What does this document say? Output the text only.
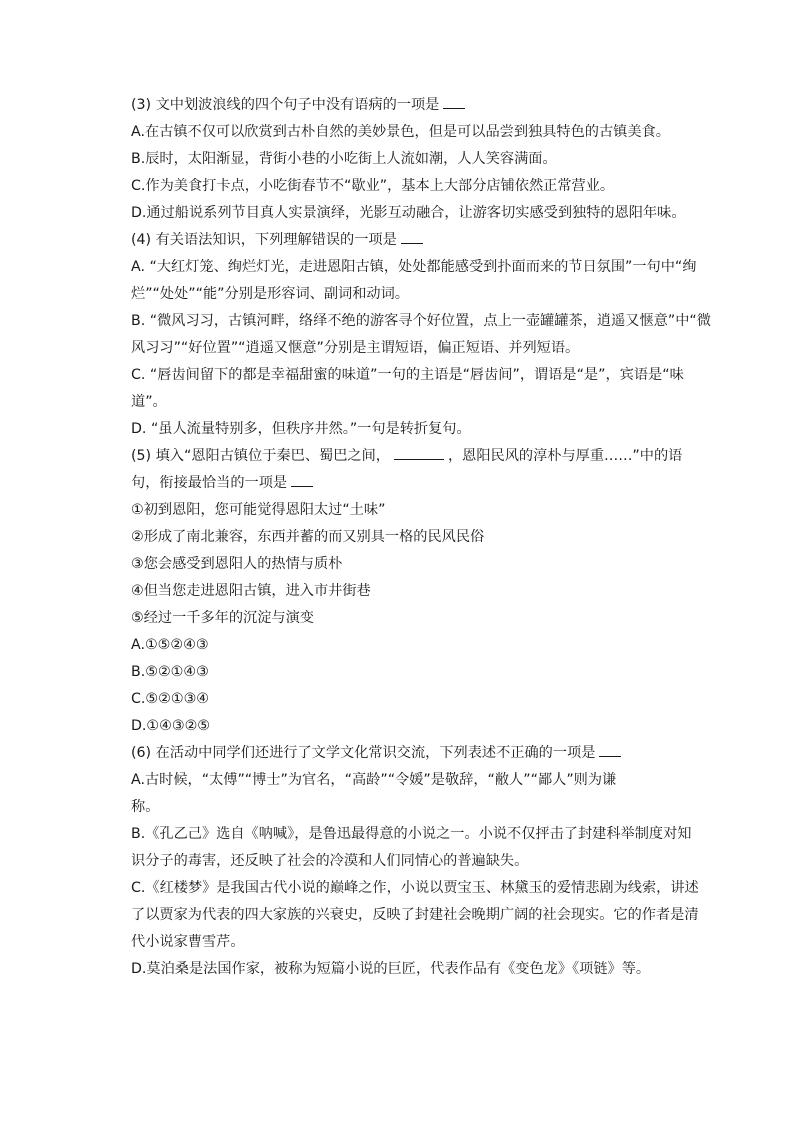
(3) 文中划波浪线的四个句子中没有语病的一项是
A.在古镇不仅可以欣赏到古朴自然的美妙景色，但是可以品尝到独具特色的古镇美食。
B.辰时，太阳渐显，背街小巷的小吃街上人流如潮，人人笑容满面。
C.作为美食打卡点，小吃街春节不“歇业”，基本上大部分店铺依然正常营业。
D.通过船说系列节目真人实景演绎，光影互动融合，让游客切实感受到独特的恩阳年味。
(4) 有关语法知识，下列理解错误的一项是
A. “大红灯笼、绚烂灯光，走进恩阳古镇，处处都能感受到扑面而来的节日氛围”一句中“绚
烂”“处处”“能”分别是形容词、副词和动词。
B. “微风习习，古镇河畔，络绎不绝的游客寻个好位置，点上一壶罐罐茶，逍遥又惬意”中“微
风习习”“好位置”“逍遥又惬意”分别是主谓短语，偏正短语、并列短语。
C. “唇齿间留下的都是幸福甜蜜的味道”一句的主语是“唇齿间”，谓语是“是”，宾语是“味
道”。
D. “虽人流量特别多，但秩序井然。”一句是转折复句。
(5) 填入“恩阳古镇位于秦巴、蜀巴之间，	，恩阳民风的淳朴与厚重……”中的语
句，衔接最恰当的一项是
①初到恩阳，您可能觉得恩阳太过“土味”
②形成了南北兼容，东西并蓄的而又别具一格的民风民俗
③您会感受到恩阳人的热情与质朴
④但当您走进恩阳古镇，进入市井街巷
⑤经过一千多年的沉淀与演变
A.①⑤②④③
B.⑤②①④③
C.⑤②①③④
D.①④③②⑤
(6) 在活动中同学们还进行了文学文化常识交流，下列表述不正确的一项是
A.古时候，“太傅”“博士”为官名，“高龄”“令媛”是敬辞，“敝人”“鄙人”则为谦
称。
B.《孔乙己》选自《呐喊》，是鲁迅最得意的小说之一。小说不仅抨击了封建科举制度对知
识分子的毒害，还反映了社会的冷漠和人们同情心的普遍缺失。
C.《红楼梦》是我国古代小说的巅峰之作，小说以贾宝玉、林黛玉的爱情悲剧为线索，讲述
了以贾家为代表的四大家族的兴衰史，反映了封建社会晚期广阔的社会现实。它的作者是清
代小说家曹雪芹。
D.莫泊桑是法国作家，被称为短篇小说的巨匠，代表作品有《变色龙》《项链》等。
